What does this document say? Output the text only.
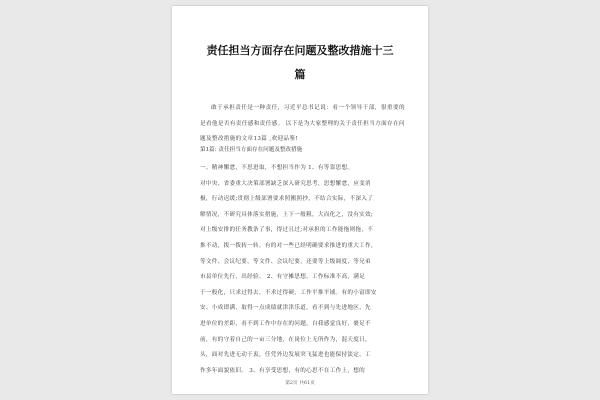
责任担当方面存在问题及整改措施十三
篇

敢于承担责任是一种责任，习近平总书记说：看一个领导干部，很重要的是看他是否有责任感和责任感。 以下是为大家整理的关于责任担当方面存在问题及整改措施的文章13篇 ,欢迎品鉴!

第1篇: 责任担当方面存在问题及整改措施
一、精神懈怠，不思进取，不想担当作为 1、有等靠思想。
对中央、省委重大决策部署缺乏深入研究思考，思想懈怠，应变消
极，行动迟缓;贯彻上级部署要求照搬照抄，不结合实际，不深入了
解情况，不研究具体落实措施，上下一般粗，大而化之，没有实效;
对上级安排的任务教条了事，得过且过;对承担的工作能拖则拖，不
推不动，拨一拨转一转。有的对一些已经明确要求推进的重大工作，
等文件、会议纪要，等文件、会议纪要，还要等上级调度，等兄弟
市县单位先行，出经验。 2、有守摊思想。工作标准不高，满足
于一般化，只求过得去，不求过得硬，工作平推平铺。有的小富即安
安、小成即满，取得一点成绩就津津乐道，看不到与先进地区、先
进单位的差距，看不到工作中存在的问题，自我感觉良好，裹足不
前，有的守着自己的一亩三分地，在岗位上无所作为，混天度日，
头，面对先进无动于衷，任凭外边发展突飞猛进也能保持淡定，工
作多年面貌依旧。 3、有享受思想，有的心思不在工作上，想的
第2页 共61页
